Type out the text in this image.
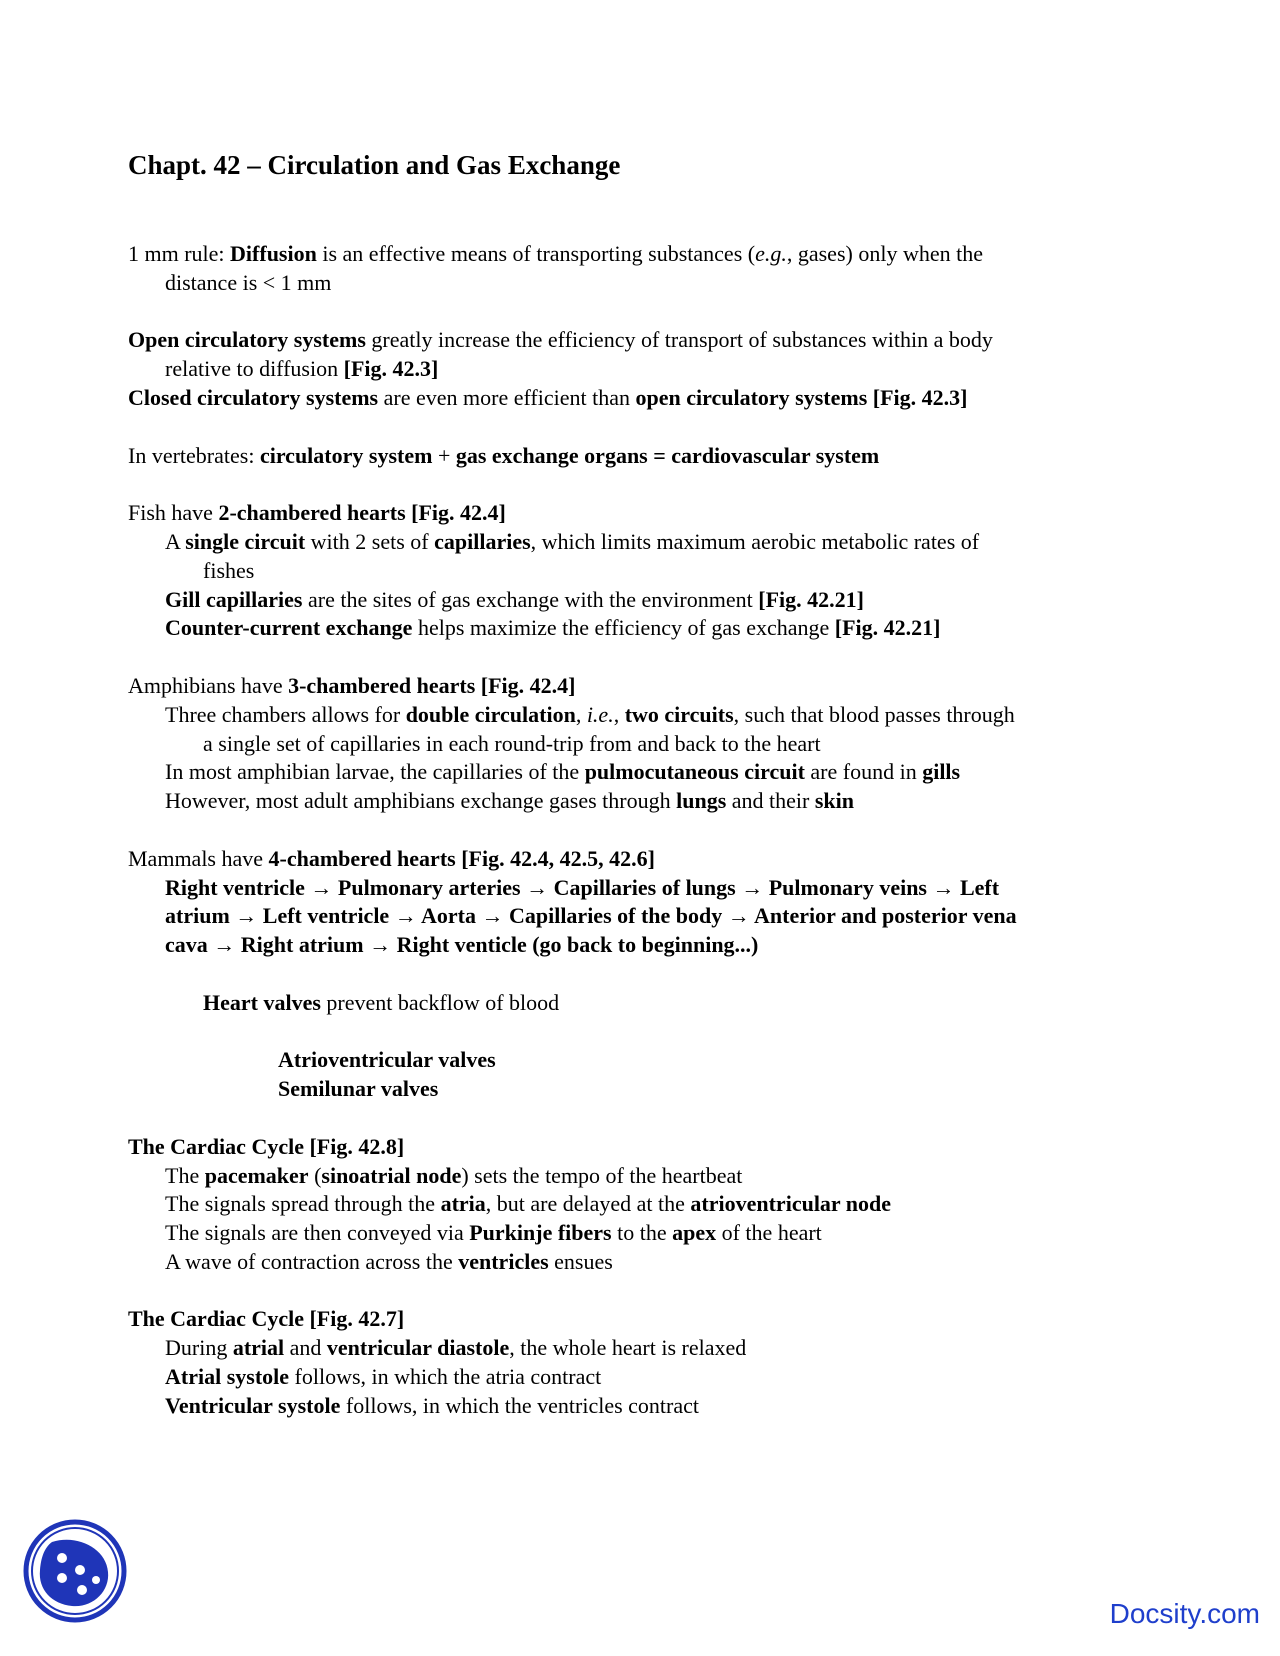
Chapt. 42 – Circulation and Gas Exchange
1 mm rule: Diffusion is an effective means of transporting substances (e.g., gases) only when the
distance is < 1 mm
Open circulatory systems greatly increase the efficiency of transport of substances within a body
relative to diffusion [Fig. 42.3]
Closed circulatory systems are even more efficient than open circulatory systems [Fig. 42.3]
In vertebrates: circulatory system + gas exchange organs = cardiovascular system
Fish have 2-chambered hearts [Fig. 42.4]
A single circuit with 2 sets of capillaries, which limits maximum aerobic metabolic rates of
fishes
Gill capillaries are the sites of gas exchange with the environment [Fig. 42.21]
Counter-current exchange helps maximize the efficiency of gas exchange [Fig. 42.21]
Amphibians have 3-chambered hearts [Fig. 42.4]
Three chambers allows for double circulation, i.e., two circuits, such that blood passes through
a single set of capillaries in each round-trip from and back to the heart
In most amphibian larvae, the capillaries of the pulmocutaneous circuit are found in gills
However, most adult amphibians exchange gases through lungs and their skin
Mammals have 4-chambered hearts [Fig. 42.4, 42.5, 42.6]
Right ventricle → Pulmonary arteries → Capillaries of lungs → Pulmonary veins → Left
atrium → Left ventricle → Aorta → Capillaries of the body → Anterior and posterior vena
cava → Right atrium → Right venticle (go back to beginning...)
Heart valves prevent backflow of blood
Atrioventricular valves
Semilunar valves
The Cardiac Cycle [Fig. 42.8]
The pacemaker (sinoatrial node) sets the tempo of the heartbeat
The signals spread through the atria, but are delayed at the atrioventricular node
The signals are then conveyed via Purkinje fibers to the apex of the heart
A wave of contraction across the ventricles ensues
The Cardiac Cycle [Fig. 42.7]
During atrial and ventricular diastole, the whole heart is relaxed
Atrial systole follows, in which the atria contract
Ventricular systole follows, in which the ventricles contract
Docsity.com
